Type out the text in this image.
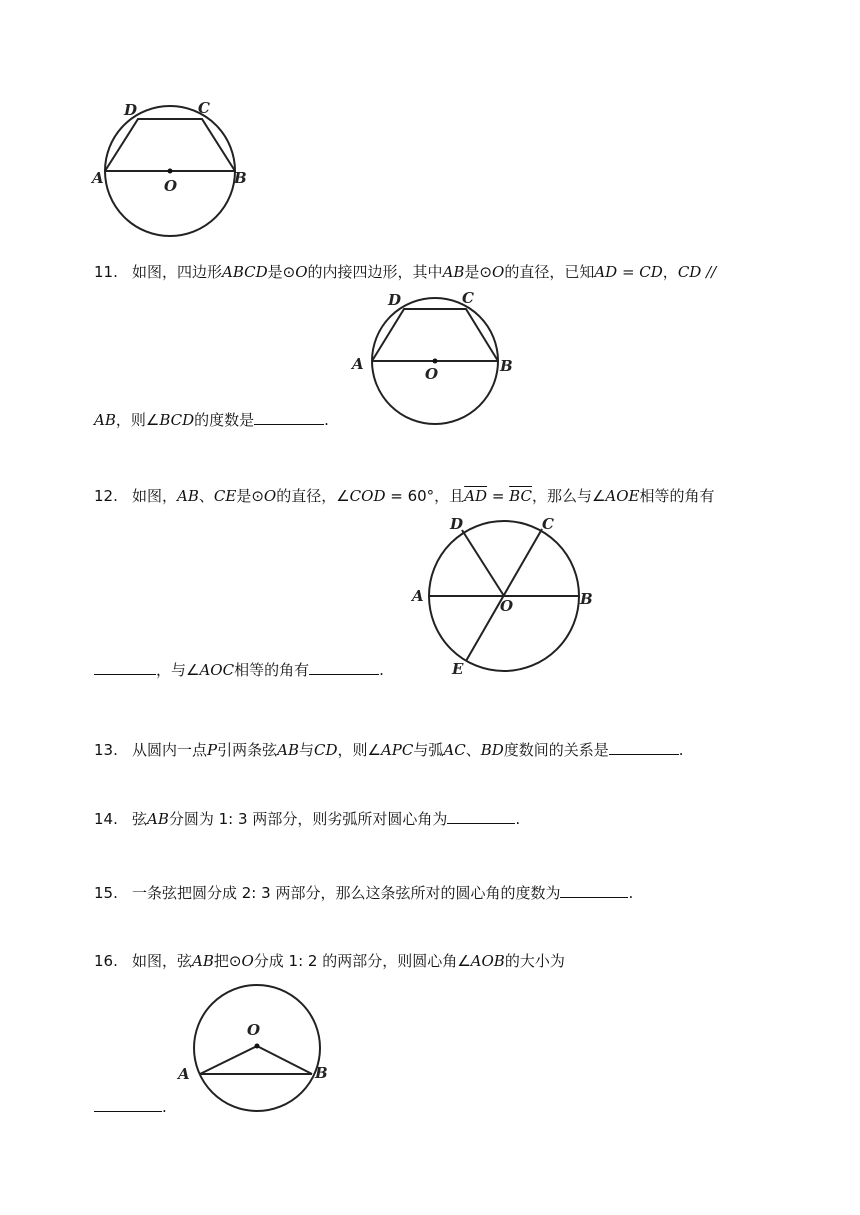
A	B
C
D
O
11. 如图，四边形ABCD是⊙O的内接四边形，其中AB是⊙O的直径，已知AD = CD，CD //
A	B
C
D
O
AB，则∠BCD的度数是	.
12. 如图，AB、CE是⊙O的直径，∠COD = 60°，且$\overline{AD} = \overline{BC}$，那么与∠AOE相等的角有
A	B
C
D
E
O
，与∠AOC相等的角有	.
13. 从圆内一点P引两条弦AB与CD，则∠APC与弧AC、BD度数间的关系是	.
14. 弦AB分圆为 1: 3 两部分，则劣弧所对圆心角为	.
15. 一条弦把圆分成 2: 3 两部分，那么这条弦所对的圆心角的度数为	.
16. 如图，弦AB把⊙O分成 1: 2 的两部分，则圆心角∠AOB的大小为
A	B
O
.
